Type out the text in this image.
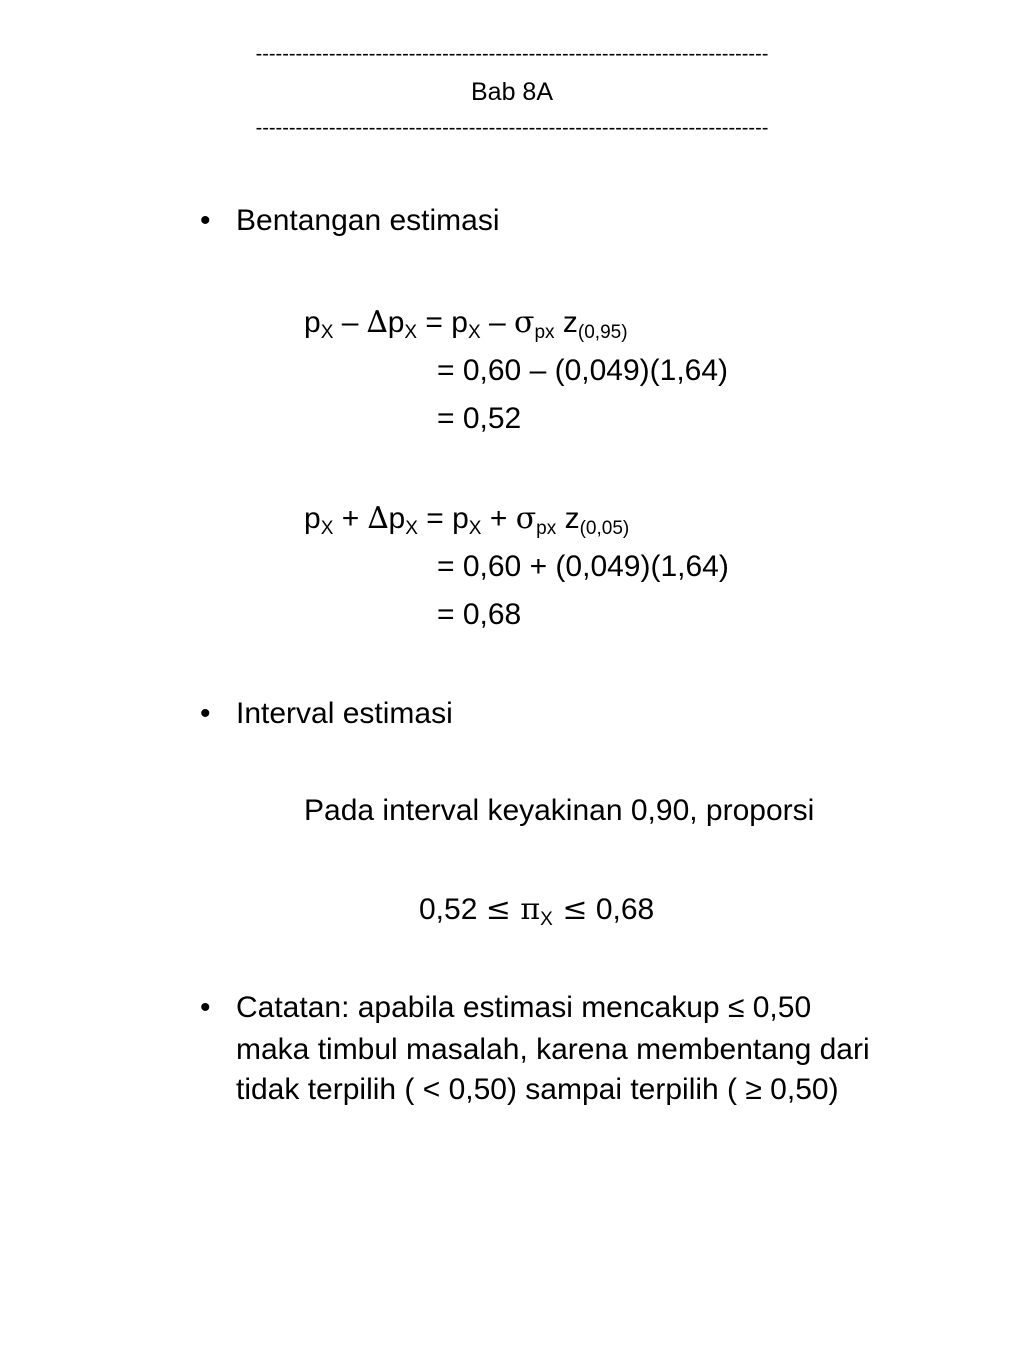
-----------------------------------------------------------------------------
Bab 8A
-----------------------------------------------------------------------------
• Bentangan estimasi
$p_X - \Delta p_X = p_X - \sigma_{px}$ $z_{(0,95)}$
= 0,60 – (0,049)(1,64)
= 0,52
$p_X + \Delta p_X = p_X + \sigma_{px}$ $z_{(0,05)}$
= 0,60 + (0,049)(1,64)
= 0,68
• Interval estimasi
Pada interval keyakinan 0,90, proporsi
$0,52 \le \pi_X \le 0,68$
• Catatan: apabila estimasi mencakup ≤ 0,50
maka timbul masalah, karena membentang dari
tidak terpilih ( < 0,50) sampai terpilih ( ≥ 0,50)
